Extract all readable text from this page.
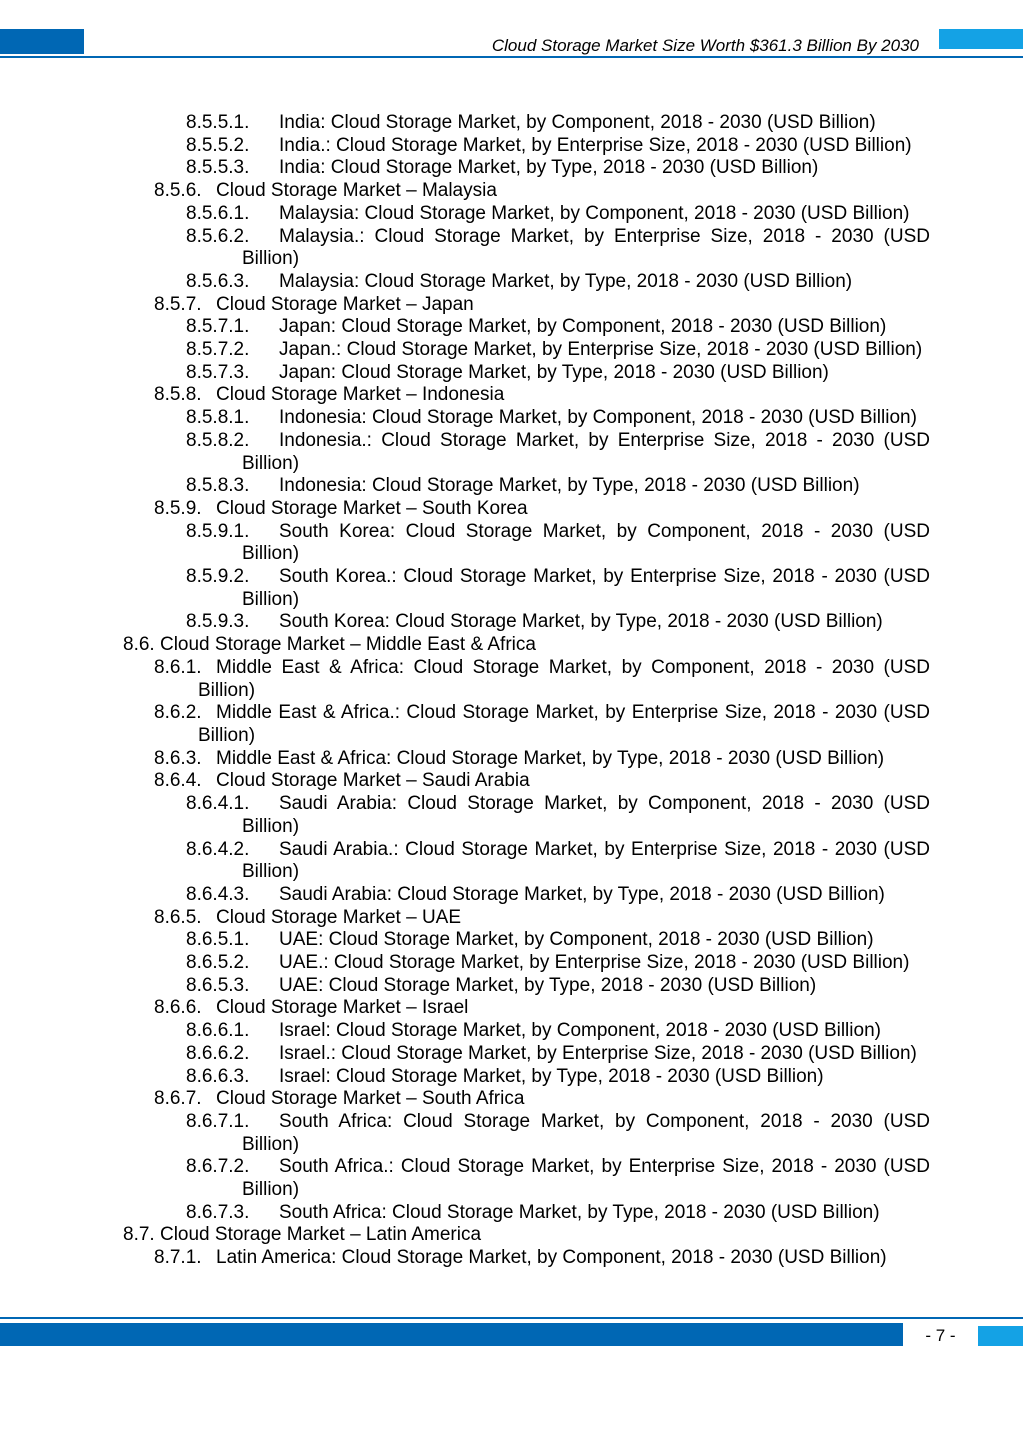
Cloud Storage Market Size Worth $361.3 Billion By 2030
8.5.5.1. India: Cloud Storage Market, by Component, 2018 - 2030 (USD Billion)
8.5.5.2. India.: Cloud Storage Market, by Enterprise Size, 2018 - 2030 (USD Billion)
8.5.5.3. India: Cloud Storage Market, by Type, 2018 - 2030 (USD Billion)
8.5.6. Cloud Storage Market – Malaysia
8.5.6.1. Malaysia: Cloud Storage Market, by Component, 2018 - 2030 (USD Billion)
8.5.6.2. Malaysia.: Cloud Storage Market, by Enterprise Size, 2018 - 2030 (USD Billion)
8.5.6.3. Malaysia: Cloud Storage Market, by Type, 2018 - 2030 (USD Billion)
8.5.7. Cloud Storage Market – Japan
8.5.7.1. Japan: Cloud Storage Market, by Component, 2018 - 2030 (USD Billion)
8.5.7.2. Japan.: Cloud Storage Market, by Enterprise Size, 2018 - 2030 (USD Billion)
8.5.7.3. Japan: Cloud Storage Market, by Type, 2018 - 2030 (USD Billion)
8.5.8. Cloud Storage Market – Indonesia
8.5.8.1. Indonesia: Cloud Storage Market, by Component, 2018 - 2030 (USD Billion)
8.5.8.2. Indonesia.: Cloud Storage Market, by Enterprise Size, 2018 - 2030 (USD Billion)
8.5.8.3. Indonesia: Cloud Storage Market, by Type, 2018 - 2030 (USD Billion)
8.5.9. Cloud Storage Market – South Korea
8.5.9.1. South Korea: Cloud Storage Market, by Component, 2018 - 2030 (USD Billion)
8.5.9.2. South Korea.: Cloud Storage Market, by Enterprise Size, 2018 - 2030 (USD Billion)
8.5.9.3. South Korea: Cloud Storage Market, by Type, 2018 - 2030 (USD Billion)
8.6. Cloud Storage Market – Middle East & Africa
8.6.1. Middle East & Africa: Cloud Storage Market, by Component, 2018 - 2030 (USD Billion)
8.6.2. Middle East & Africa.: Cloud Storage Market, by Enterprise Size, 2018 - 2030 (USD Billion)
8.6.3. Middle East & Africa: Cloud Storage Market, by Type, 2018 - 2030 (USD Billion)
8.6.4. Cloud Storage Market – Saudi Arabia
8.6.4.1. Saudi Arabia: Cloud Storage Market, by Component, 2018 - 2030 (USD Billion)
8.6.4.2. Saudi Arabia.: Cloud Storage Market, by Enterprise Size, 2018 - 2030 (USD Billion)
8.6.4.3. Saudi Arabia: Cloud Storage Market, by Type, 2018 - 2030 (USD Billion)
8.6.5. Cloud Storage Market – UAE
8.6.5.1. UAE: Cloud Storage Market, by Component, 2018 - 2030 (USD Billion)
8.6.5.2. UAE.: Cloud Storage Market, by Enterprise Size, 2018 - 2030 (USD Billion)
8.6.5.3. UAE: Cloud Storage Market, by Type, 2018 - 2030 (USD Billion)
8.6.6. Cloud Storage Market – Israel
8.6.6.1. Israel: Cloud Storage Market, by Component, 2018 - 2030 (USD Billion)
8.6.6.2. Israel.: Cloud Storage Market, by Enterprise Size, 2018 - 2030 (USD Billion)
8.6.6.3. Israel: Cloud Storage Market, by Type, 2018 - 2030 (USD Billion)
8.6.7. Cloud Storage Market – South Africa
8.6.7.1. South Africa: Cloud Storage Market, by Component, 2018 - 2030 (USD Billion)
8.6.7.2. South Africa.: Cloud Storage Market, by Enterprise Size, 2018 - 2030 (USD Billion)
8.6.7.3. South Africa: Cloud Storage Market, by Type, 2018 - 2030 (USD Billion)
8.7. Cloud Storage Market – Latin America
8.7.1. Latin America: Cloud Storage Market, by Component, 2018 - 2030 (USD Billion)
- 7 -
